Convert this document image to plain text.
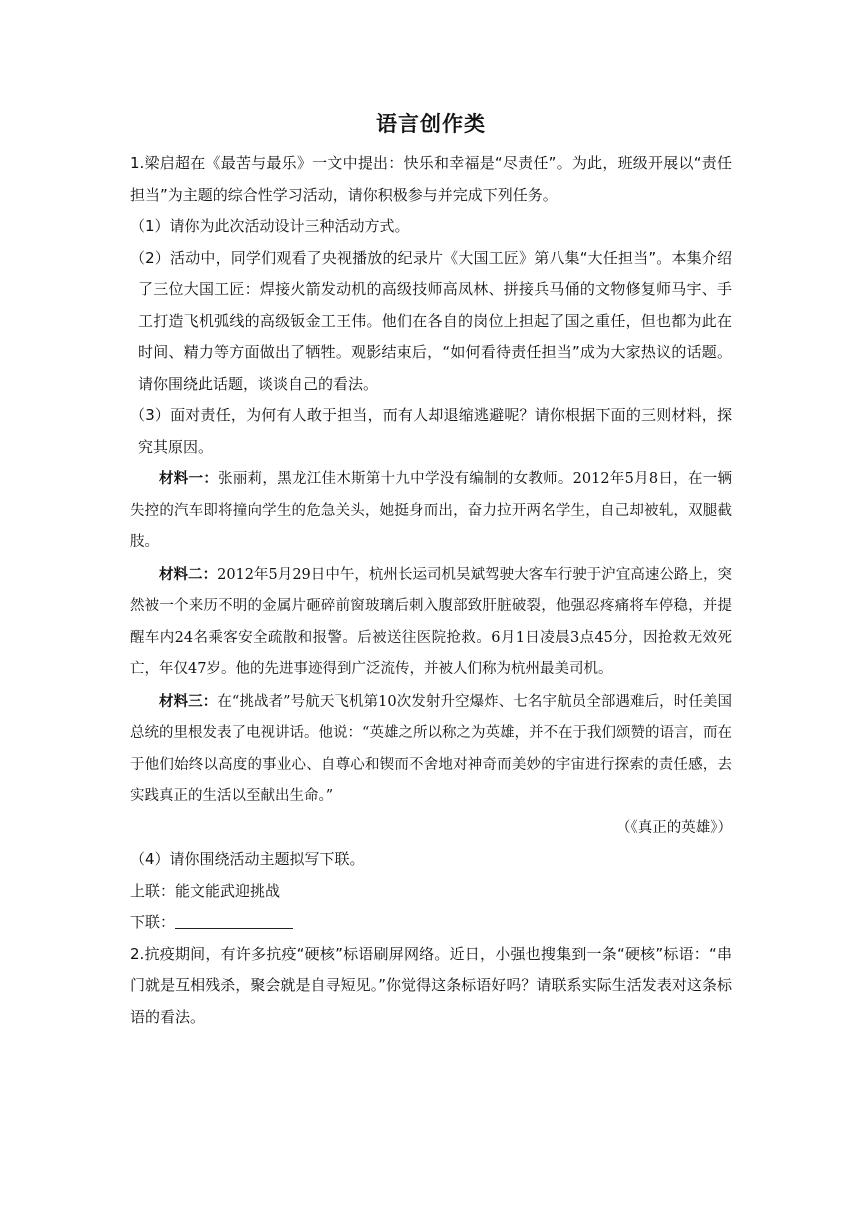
语言创作类

1.梁启超在《最苦与最乐》一文中提出：快乐和幸福是“尽责任”。为此，班级开展以“责任担当”为主题的综合性学习活动，请你积极参与并完成下列任务。

（1）请你为此次活动设计三种活动方式。

（2）活动中，同学们观看了央视播放的纪录片《大国工匠》第八集“大任担当”。本集介绍了三位大国工匠：焊接火箭发动机的高级技师高凤林、拼接兵马俑的文物修复师马宇、手工打造飞机弧线的高级钣金工王伟。他们在各自的岗位上担起了国之重任，但也都为此在时间、精力等方面做出了牺牲。观影结束后，“如何看待责任担当”成为大家热议的话题。请你围绕此话题，谈谈自己的看法。

（3）面对责任，为何有人敢于担当，而有人却退缩逃避呢？请你根据下面的三则材料，探究其原因。

材料一：张丽莉，黑龙江佳木斯第十九中学没有编制的女教师。2012年5月8日，在一辆失控的汽车即将撞向学生的危急关头，她挺身而出，奋力拉开两名学生，自己却被轧，双腿截肢。

材料二：2012年5月29日中午，杭州长运司机吴斌驾驶大客车行驶于沪宜高速公路上，突然被一个来历不明的金属片砸碎前窗玻璃后刺入腹部致肝脏破裂，他强忍疼痛将车停稳，并提醒车内24名乘客安全疏散和报警。后被送往医院抢救。6月1日凌晨3点45分，因抢救无效死亡，年仅47岁。他的先进事迹得到广泛流传，并被人们称为杭州最美司机。

材料三：在“挑战者”号航天飞机第10次发射升空爆炸、七名宇航员全部遇难后，时任美国总统的里根发表了电视讲话。他说：“英雄之所以称之为英雄，并不在于我们颂赞的语言，而在于他们始终以高度的事业心、自尊心和锲而不舍地对神奇而美妙的宇宙进行探索的责任感，去实践真正的生活以至献出生命。”

（《真正的英雄》）

（4）请你围绕活动主题拟写下联。

上联：能文能武迎挑战

下联：

2.抗疫期间，有许多抗疫“硬核”标语刷屏网络。近日，小强也搜集到一条“硬核”标语：“串门就是互相残杀，聚会就是自寻短见。”你觉得这条标语好吗？请联系实际生活发表对这条标语的看法。
